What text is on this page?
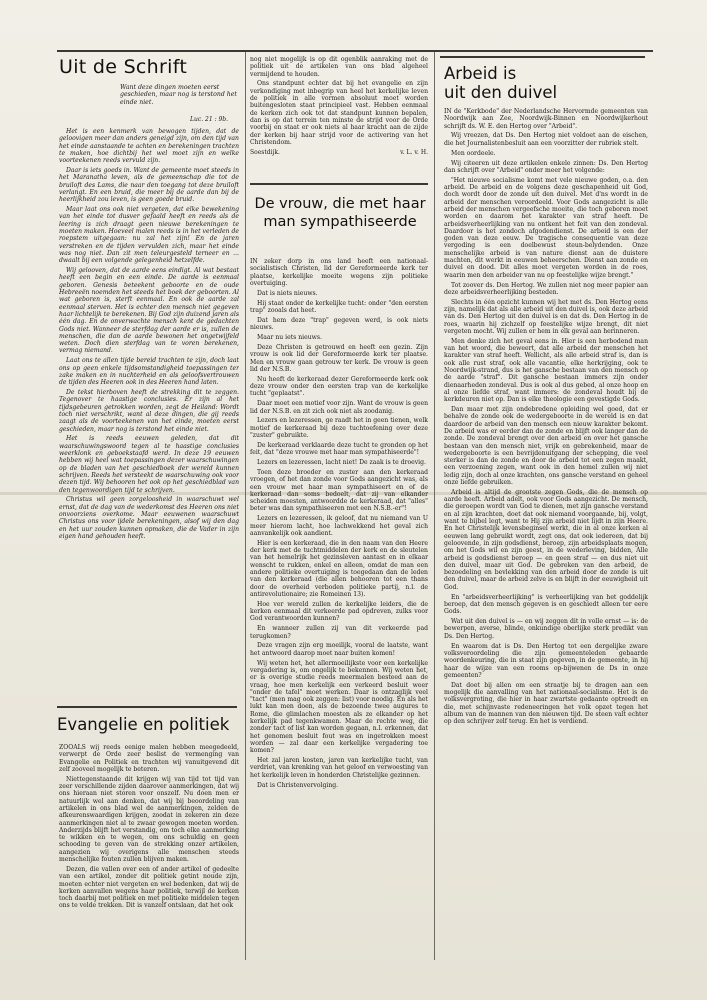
Uit de Schrift
Want deze dingen moeten eerst geschieden, maar nog is terstond het einde niet.
Luc. 21 : 9b.

Het is een kenmerk van bewogen tijden, dat de geloovigen meer dan anders geneigd zijn, om den tijd van het einde aanstaande te achten en berekeningen trachten te maken, hoe dichtbij het wel moet zijn en welke voorteekenen reeds vervuld zijn.

Daar is iets goeds in. Want de gemeente moet steeds in het Maranatha leven, als de gemeenschap die tot de bruiloft des Lams, die naar den toegang tot deze bruiloft verlangt. En een bruid, die meer bij de aarde dan bij de heerlijkheid zou leven, is geen goede bruid.

Maar laat ons ook niet vergeten, dat elke bewekening van het einde tot dusver gefaald heeft en reeds als de leering is zich draagt geen nieuwe berekeningen te moeten maken. Hoeveel malen reeds is in het verleden de roepstem uitgegaan: nu zal het zijn! En de jaren verstreken en de tijden vervulden zich, maar het einde was nog niet. Dan zit men teleurgesteld terneer en ... dwaalt bij een volgende gelegenheid hetzelfde.

Wij gelooven, dat de aarde eens eindigt. Al wat bestaat heeft een begin en een einde. De aarde is eenmaal geboren. Genesis beteekent geboorte en de oude Hebreeën noemden het steeds het boek der geboorten. Al wat geboren is, sterft eenmaal. En ook de aarde zal eenmaal sterven. Het is echter den mensch niet gegeven haar lichtelijk te berekenen. Bij God zijn duizend jaren als één dag. En de onverwachte mensch kent de gedachten Gods niet. Wanneer de sterfdag der aarde er is, zullen de menschen, die dan de aarde bewonen het ongetwijfeld weten. Doch dien sterfdag van te voren berekenen, vermag niemand.

Laat ons te allen tijde bereid trachten te zijn, doch laat ons op geen enkele tijdsomstandigheid toepassingen ter zake maken en in nuchterheid en als geloofsvertrouwen de tijden des Heeren ook in des Heeren hand laten.

De tekst hierboven heeft de strekking dit te zeggen. Tegenover te haastige conclusies. Er zijn al het tijdsgebeuren getrokken worden, zegt de Heiland: Wordt toch niet verschrikt, want al deze dingen, die gij reeds zaagt als de voorteekenen van het einde, moeten eerst geschieden, maar nog is terstond het einde niet.

Het is reeds eeuwen geleden, dat dit waarschuwingswoord tegen al te haastige conclusies weerklonk en geboekstaafd werd. In deze 19 eeuwen hebben wij heel wat toepassingen dezer waarschuwingen op de bladen van het geschiedboek der wereld kunnen schrijven. Reeds het versteekt de waarschuwing ook voor dezen tijd. Wij behooren het ook op het geschiedblad van den tegenwoordigen tijd te schrijven.

Christus wil geen zorgeloosheid in waarschuwt wel ernst, dat de dag van de wederkomst des Heeren ons niet onvoorziens overkome. Maar eeuwenen waarschuwt Christus ons voor ijdele berekeningen, alsof wij den dag en het uur zouden kunnen opmaken, die de Vader in zijn eigen hand gehouden heeft.

Evangelie en politiek

ZOOALS wij reeds eenige malen hebben meegedeeld, verwerpt de Orde zeer beslist de vermenging van Evangelie en Politiek en trachten wij vanuitgevend dit zelf zooveel mogelijk te beteren.

Niettegenstaande dit krijgen wij van tijd tot tijd van zeer verschillende zijden daarover aanmerkingen, dat wij ons hieraan niet storen voor onszelf. Nu doen men er natuurlijk wel aan denken, dat wij bij beoordeling van artikelen in ons blad wel de aanmerkingen, zelden de afkeurenswaardigen krijgen, zoodat in zekeren zin deze aanmerkingen niet al te zwaar gewogen moeten worden. Anderzijds blijft het verstandig, om toch elke aanmerking te wikken en te wegen, om ons schuldig en geen schooding te geven van de strekking onzer artikelen, aangezien wij overigens alle menschen steeds menschelijke fouten zullen blijven maken.

Dezen, die vallen over een of ander artikel of gedeelte van een artikel, zonder dit politiek getint noude zijn, moeten echter niet vergeten en wel bedenken, dat wij de kerken aanvallen wegens haar politiek, terwijl de kerken toch daarbij met politiek en met politieke middelen tegen ons te velde trekken. Dit is vanzelf ontslaan, dat het ook

nog niet mogelijk is op dit ogenblik aanraking met de politiek uit de artikelen van ons blad algeheel vermijdend te houden.

Ons standpunt echter dat bij het evangelie en zijn verkondiging met inbegrip van heel het kerkelijke leven de politiek in alle vormen absoluut moet worden buitengesloten staat principieel vast. Hebben eenmaal de kerken zich ook tot dat standpunt kunnen bepalen, dan is op dat terrein ten minste de strijd voor de Orde voorbij en staat er ook niets al haar kracht aan de zijde der kerken bij haar strijd voor de activering van het Christendom.

Soestdijk.	v. L. v. H.
De vrouw, die met haar man sympathiseerde

IN zeker dorp in ons land heeft een nationaal-socialistisch Christen, lid der Gereformeerde kerk ter plaatse, kerkelijke moeite wegens zijn politieke overtuiging.

Dat is niets nieuws.

Hij staat onder de kerkelijke tucht: onder "den eersten trap" zooals dat heet.

Dat hem deze "trap" gegeven werd, is ook niets nieuws.

Maar nu iets nieuws.

Deze Christen is getrouwd en heeft een gezin. Zijn vrouw is ook lid der Gereformeerde kerk ter plaatse. Men en vrouw gaan getrouw ter kerk. De vrouw is geen lid der N.S.B.

Nu heeft de kerkeraad dezer Gereformeerde kerk ook deze vrouw onder den eersten trap van de kerkelijke tucht "geplaatst".

Daar moet een motief voor zijn. Want de vrouw is geen lid der N.S.B. en zit zich ook niet als zoodanig.

Lezers en lezeressen, ge raadt het in geen tienen, welk motief de kerkeraad bij deze tuchtoefening over deze "zuster" gebruikte.

De kerkeraad verklaarde deze tucht te gronden op het feit, dat "deze vrouwe met haar man sympathiseerde"!

Lezers en lezeressen, lacht niet! De zaak is te droevig.

Toen deze broeder en zuster aan den kerkeraad vroegen, of het dan zonde voor Gods aangezicht was, als een vrouw met haar man sympathiseert en of de kerkeraad dan soms bedoelt, dat zij van elkander scheiden moesten, antwoordde de kerkeraad, dat "alles" beter was dan sympathiseeren met een N.S.B.-er"!

Lezers en lezeressen, ik geloof, dat nu niemand van U meer hierom lacht, hoe lachwekkend het geval zich aanvankelijk ook aandient.

Hier is een kerkeraad, die in den naam van den Heere der kerk met de tuchtmiddelen der kerk en de sleutelen van het hemelrijk het gezinsleven aantast en in elkaar wenscht te rukken, enkel en alleen, omdat de man een andere politieke overtuiging is toegedaan dan de leden van den kerkeraad (die allen behooren tot een thans door de overheid verboden politieke partij, n.l. de antirevolutionaire; zie Romeinen 13).

Hoe ver wereld zullen de kerkelijke leiders, die de kerken eenmaal dit verkeerde pad opdreven, zulks voor God verantwoorden kunnen?

En wanneer zullen zij van dit verkeerde pad terugkomen?

Deze vragen zijn erg moeilijk, vooral de laatste, want het antwoord daarop moet naar buiten komen!

Wij weten het, het allermoeilijkste voor een kerkelijke vergadering is, om ongelijk te bekennen. Wij weten het, er is overige studie reeds meermalen besteed aan de vraag, hoe men kerkelijk een verkeerd besluit weer "onder de tafel" moet werken. Daar is ontzaglijk veel "tact" (men mag ook zeggen: list) voor noodig. En als het lukt kan men doen, als de bezoende twee augures te Rome, die glimlachen moesten als ze elkander op het kerkelijk pad tegenkwamen. Maar de rechte weg, die zonder tact of list kan worden gegaan, n.l. erkennen, dat het genomen besluit fout was en ingetrokken moest worden — zal daar een kerkelijke vergadering toe komen?

Het zal jaren kosten, jaren van kerkelijke tucht, van verdriet, van krenking van het geloof en verwoesting van het kerkelijk leven in honderden Christelijke gezinnen.

Dat is Christenvervolging.

Arbeid is
uit den duivel

IN de "Kerkbode" der Nederlandsche Hervormde gemeenten van Noordwijk aan Zee, Noordwijk-Binnen en Noordwijkerhout schrijft ds. W. E. den Hertog over "Arbeid".

Wij vreezen, dat Ds. Den Hertog niet voldoet aan de eischen, die het Journalistenbesluit aan een voorzitter der rubriek stelt.

Men oordeele.

Wij citeeren uit deze artikelen enkele zinnen: Ds. Den Hertog dan schrijft over "Arbeid" onder meer het volgende:

"Het nieuwe socialisme komt met vele nieuwe goden, o.a. den arbeid. De arbeid en de volgens deze geschapenheid uit God, doch wordt door de zonde uit den duivel. Met d'ns wordt in de arbeid der menschen veroordeeld. Voor Gods aangezicht is alle arbeid der menschen vergeefsche moeite, die toch geboren moet worden en daarom het karakter van straf heeft. De arbeidsverheerlijking van nu ontkent het feit van den zondeval. Daardoor is het zondoch afgodendienst. De arbeid is een der goden van deze eeuw. De tragische consequentie van deze vergoding is een doelbewust steun-belydenden. Onze menschelijke arbeid is van nature dienst aan de duistere machten, dit werkt in eeuwen beheerschen. Dienst aan zonde en duivel en dood. Dit alles moet vergeten worden in de roes, waarin men den arbeider van nu op feestelijke wijze brengt."

Tot zoover ds. Den Hertog. We zullen niet nog meer papier aan deze arbeidsverheerlijking besteden.

Slechts in één opzicht kunnen wij het met ds. Den Hertog eens zijn, namelijk dat als alle arbeid uit den duivel is, ook deze arbeid van ds. Den Hertog uit den duivel is en dat ds. Den Hertog in de roes, waarin hij zichzelf op feestelijke wijze brengt, dit niet vergeten mocht. Wij zullen er hem in elk geval aan herinneren.

Men denke zich het geval eens in. Hier is een herbodend man van het woord, die beweert, dat alle arbeid der menschen het karakter van straf heeft. Wellicht, als alle arbeid straf is, dan is ook alle rust straf, ook alle vacantie, elke herkrijging, ook te Noordwijk-strand, dus is het gansche bestaan van den mensch op de aarde "straf". Dit gansche bestaan immers zijn onder dienaarheden zondeval. Dus is ook al dus gebed, al onze hoop en al onze liefde straf, want immers: de zondeval houdt bij de kerkdeuren niet op. Dan is elke theologie een gevestigde Gods.

Dan maar met zijn ondebredene opleiding wel goed, dat er behalve de zonde ook de wedergeboorte in de wereld is en dat daardoor de arbeid van den mensch een nieuw karakter bekomt. De arbeid was er eerder dan de zonde en blijft ook langer dan de zonde. De zondeval brengt over den arbeid en over het gansche bestaan van den mensch niet, vrijk en gebrekenheid, maar de wedergeboorte is een bevrijdenuitgang der schepping, die veel sterker is dan de zonde en door de arbeid tot een zegen maakt, een verzoening zegen, want ook in den hemel zullen wij niet ledig zijn, doch al onze krachten, ons gansche verstand en geheel onze liefde gebruiken.

Arbeid is altijd de grootste zegen Gods, die de mensch op aarde heeft. Arbeid adelt, ook voor Gods aangezicht. De mensch, die geroepen wordt van God te dienen, met zijn gansche verstand en al zijn krachten, doet dat ook niemand voorgaande, bij, volgt, want te bijbel legt, want te Hij zijn arbeid niet lijdt in zijn Heere. En het Christelijk levensbeginsel werkt, die in al onze kerken al eeuwen lang gebruikt wordt, zegt ons, dat ook iedereen, dat bij geloovende, in zijn godsdienst, beroep, zijn arbeidsplaats mogen, om het Gods wil en zijn geest, in de wederleving, bidden, Alle arbeid is godsdienst beroep — en geen straf — en dus niet uit den duivel, maar uit God. De gebreken van den arbeid, de bezoedeling en bevlekking van den arbeid door de zonde is uit den duivel, maar de arbeid zelve is en blijft in der eeuwigheid uit God.

En "arbeidsverheerlijking" is verheerlijking van het goddelijk beroep, dat den mensch gegeven is en geschiedt alleen ter eere Gods.

Wat uit den duivel is — en wij zeggen dit in volle ernst — is: de bewerpen, averse, blinde, onkundige oberlijke sterk predikt van Ds. Den Hertog.

En waarom dat is Ds. Den Hertog tot een dergelijke zware volksveroordeling die zijn gemeenteleden gebaarde woordenkeuring, die in staat zijn gegeven, in de gemeente, in hij haar de wijze van een rooms op-bijwenen de Ds in onze gemeenten?

Dat doet bij allen om een straatje bij te dragen aan een mogelijk die aanvalling van het nationaal-socialisme. Het is de volksvergroting, die hier in haar zwartste gedaante optreedt en die, met schijnvaste redeneeringen het volk opzet tegen het album van de mannen van den nieuwen tijd. De steen valt echter op den schrijver zelf terug. En het is verdiend.
